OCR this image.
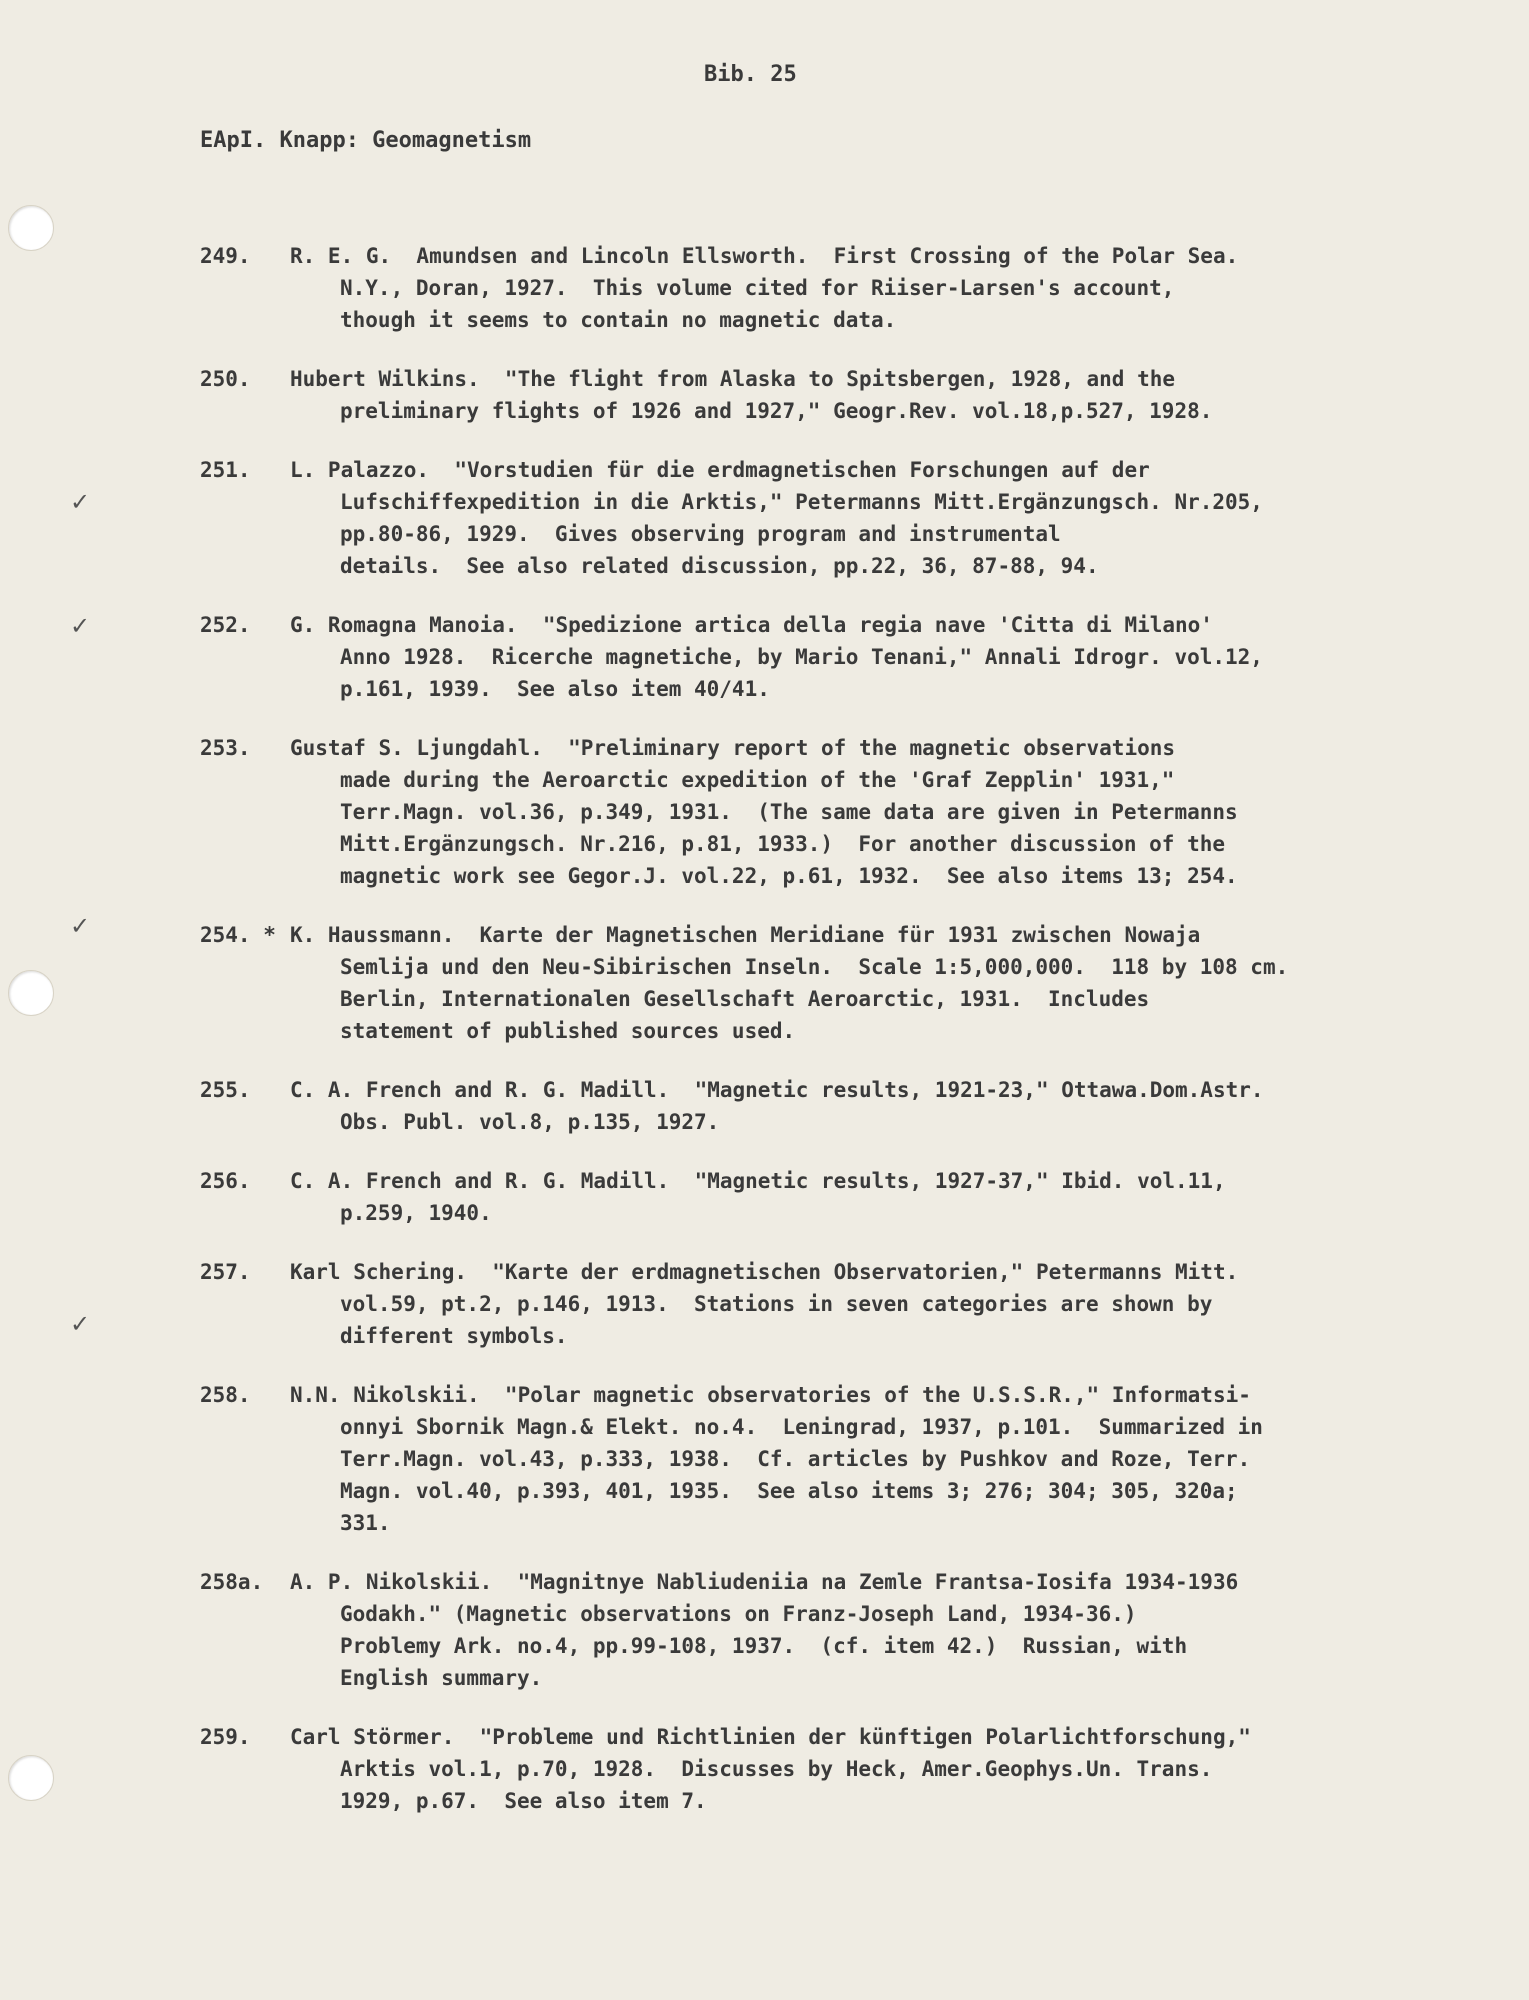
Bib. 25
EApI. Knapp: Geomagnetism
✓
✓
✓
✓
249.	R. E. G.  Amundsen and Lincoln Ellsworth.  First Crossing of the Polar Sea.
N.Y., Doran, 1927.  This volume cited for Riiser-Larsen's account,
though it seems to contain no magnetic data.
250.	Hubert Wilkins.  "The flight from Alaska to Spitsbergen, 1928, and the
preliminary flights of 1926 and 1927," Geogr.Rev. vol.18,p.527, 1928.
251.	L. Palazzo.  "Vorstudien für die erdmagnetischen Forschungen auf der
Lufschiffexpedition in die Arktis," Petermanns Mitt.Ergänzungsch. Nr.205,
pp.80-86, 1929.  Gives observing program and instrumental
details.  See also related discussion, pp.22, 36, 87-88, 94.
252.	G. Romagna Manoia.  "Spedizione artica della regia nave 'Citta di Milano'
Anno 1928.  Ricerche magnetiche, by Mario Tenani," Annali Idrogr. vol.12,
p.161, 1939.  See also item 40/41.
253.	Gustaf S. Ljungdahl.  "Preliminary report of the magnetic observations
made during the Aeroarctic expedition of the 'Graf Zepplin' 1931,"
Terr.Magn. vol.36, p.349, 1931.  (The same data are given in Petermanns
Mitt.Ergänzungsch. Nr.216, p.81, 1933.)  For another discussion of the
magnetic work see Gegor.J. vol.22, p.61, 1932.  See also items 13; 254.
254. * K. Haussmann.  Karte der Magnetischen Meridiane für 1931 zwischen Nowaja
Semlija und den Neu-Sibirischen Inseln.  Scale 1:5,000,000.  118 by 108 cm.
Berlin, Internationalen Gesellschaft Aeroarctic, 1931.  Includes
statement of published sources used.
255.	C. A. French and R. G. Madill.  "Magnetic results, 1921-23," Ottawa.Dom.Astr.
Obs. Publ. vol.8, p.135, 1927.
256.	C. A. French and R. G. Madill.  "Magnetic results, 1927-37," Ibid. vol.11,
p.259, 1940.
257.	Karl Schering.  "Karte der erdmagnetischen Observatorien," Petermanns Mitt.
vol.59, pt.2, p.146, 1913.  Stations in seven categories are shown by
different symbols.
258.	N.N. Nikolskii.  "Polar magnetic observatories of the U.S.S.R.," Informatsi-
onnyi Sbornik Magn.& Elekt. no.4.  Leningrad, 1937, p.101.  Summarized in
Terr.Magn. vol.43, p.333, 1938.  Cf. articles by Pushkov and Roze, Terr.
Magn. vol.40, p.393, 401, 1935.  See also items 3; 276; 304; 305, 320a;
331.
258a.	A. P. Nikolskii.  "Magnitnye Nabliudeniia na Zemle Frantsa-Iosifa 1934-1936
Godakh." (Magnetic observations on Franz-Joseph Land, 1934-36.)
Problemy Ark. no.4, pp.99-108, 1937.  (cf. item 42.)  Russian, with
English summary.
259.	Carl Störmer.  "Probleme und Richtlinien der künftigen Polarlichtforschung,"
Arktis vol.1, p.70, 1928.  Discusses by Heck, Amer.Geophys.Un. Trans.
1929, p.67.  See also item 7.
